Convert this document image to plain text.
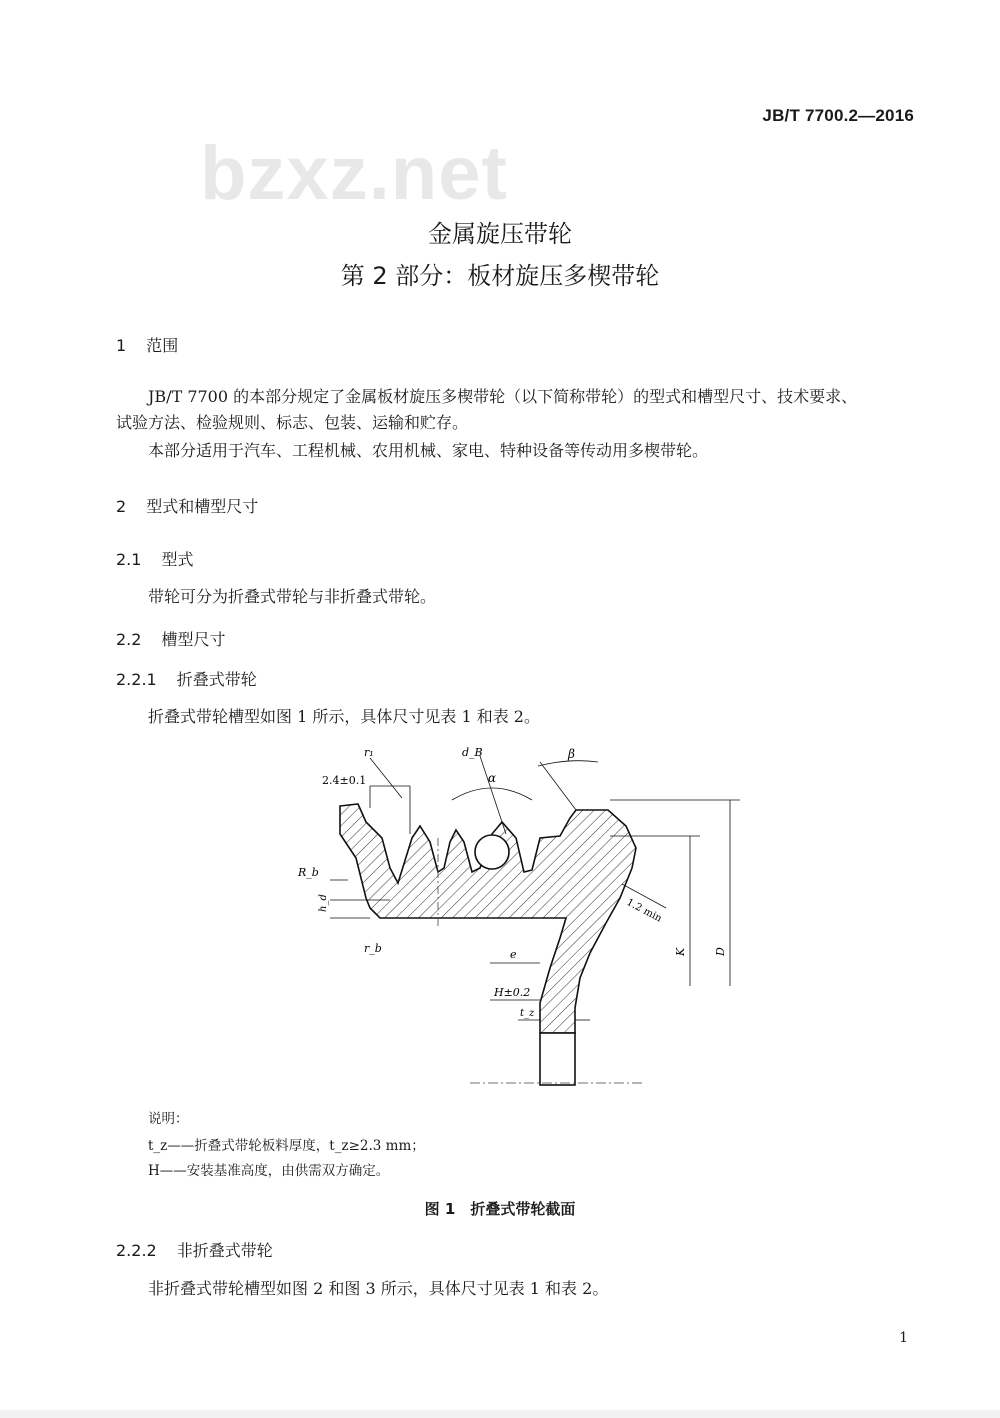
bzxz.net
JB/T 7700.2—2016
金属旋压带轮
第 2 部分：板材旋压多楔带轮
1 范围
JB/T 7700 的本部分规定了金属板材旋压多楔带轮（以下简称带轮）的型式和槽型尺寸、技术要求、
试验方法、检验规则、标志、包装、运输和贮存。
本部分适用于汽车、工程机械、农用机械、家电、特种设备等传动用多楔带轮。
2 型式和槽型尺寸
2.1 型式
带轮可分为折叠式带轮与非折叠式带轮。
2.2 槽型尺寸
2.2.1 折叠式带轮
折叠式带轮槽型如图 1 所示，具体尺寸见表 1 和表 2。
r₁
2.4±0.1
d_B
α
β
R_b
h_d
r_b	e
H±0.2
t_z
1.2 min
K D
说明：
t_z——折叠式带轮板料厚度，t_z≥2.3 mm；
H——安装基准高度，由供需双方确定。
图 1　折叠式带轮截面
2.2.2 非折叠式带轮
非折叠式带轮槽型如图 2 和图 3 所示，具体尺寸见表 1 和表 2。
1
